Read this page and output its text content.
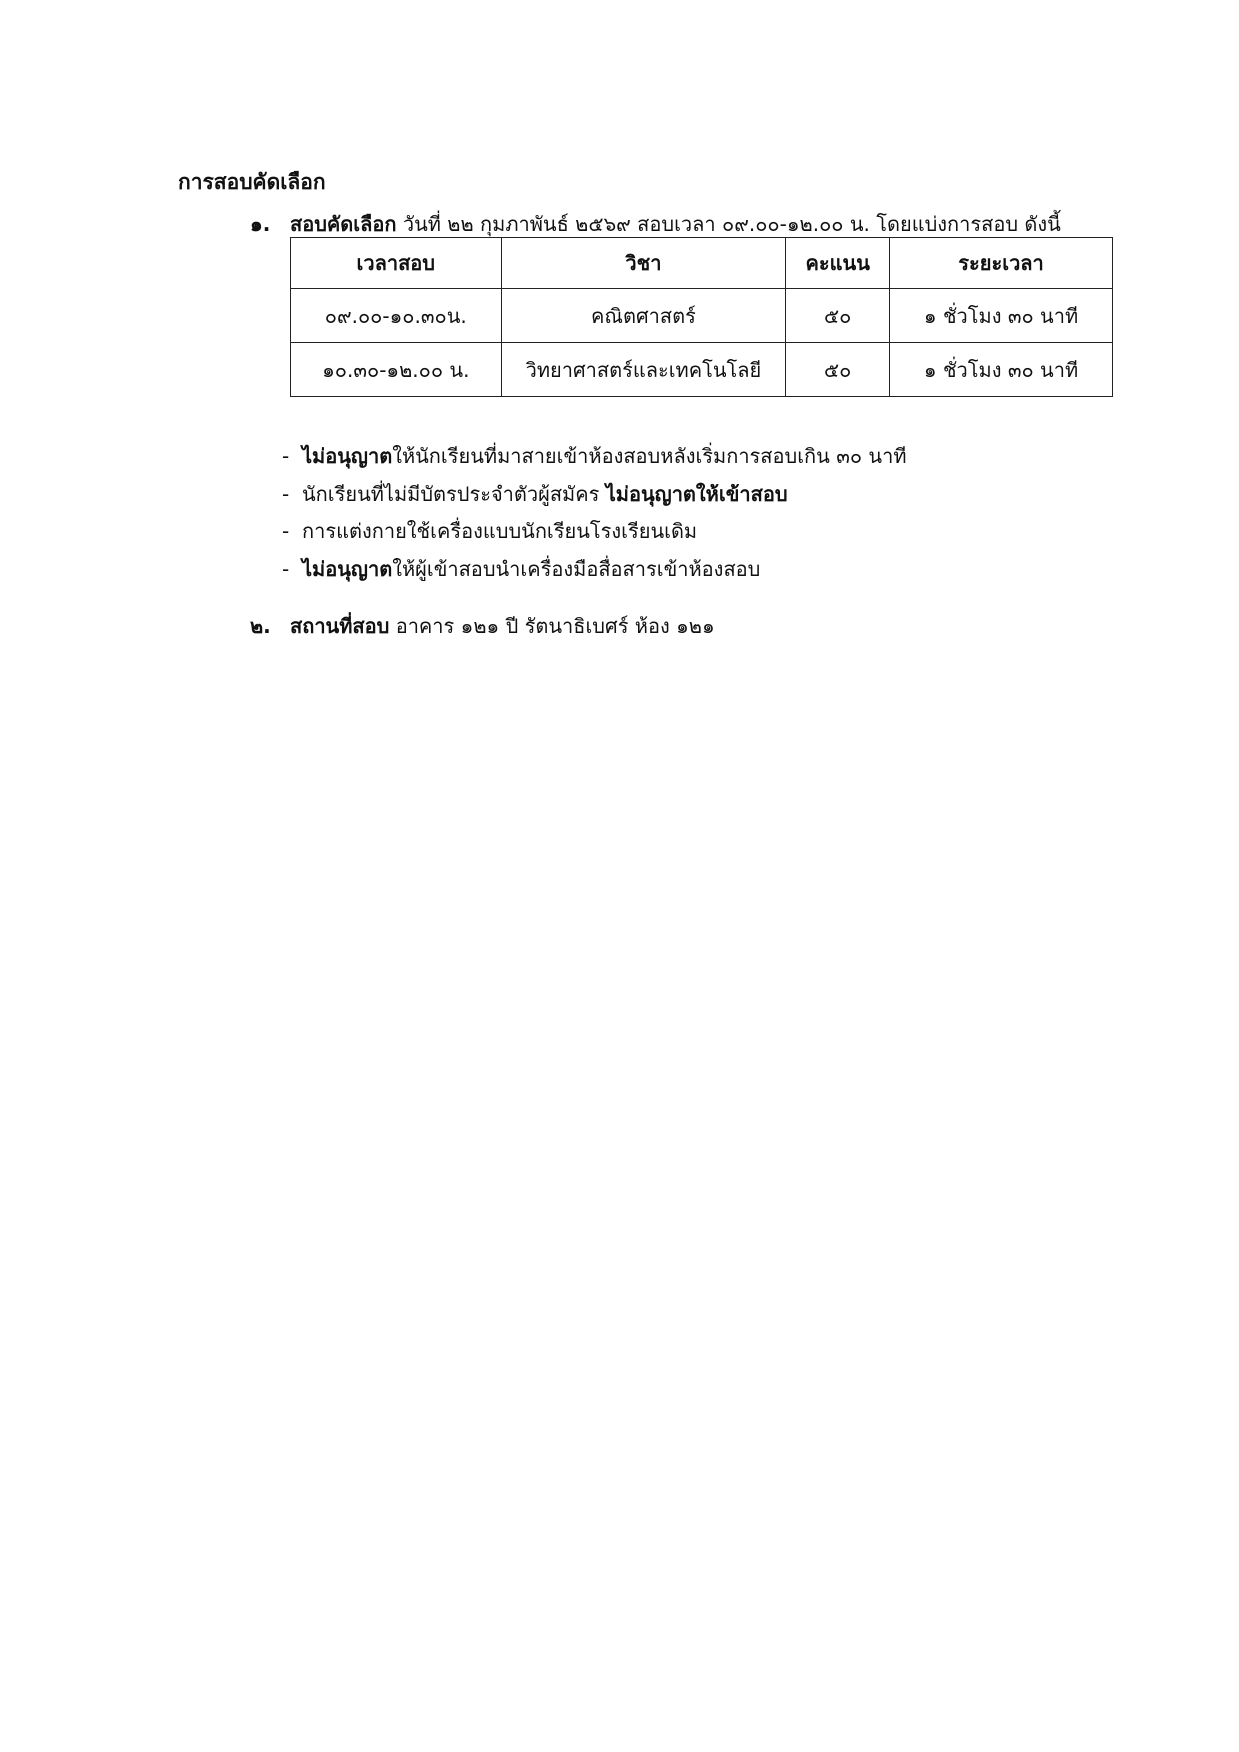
การสอบคัดเลือก
๑. สอบคัดเลือก วันที่ ๒๒ กุมภาพันธ์ ๒๕๖๙ สอบเวลา ๐๙.๐๐-๑๒.๐๐ น. โดยแบ่งการสอบ ดังนี้
เวลาสอบ	วิชา	คะแนน	ระยะเวลา
๐๙.๐๐-๑๐.๓๐น.	คณิตศาสตร์	๕๐	๑ ชั่วโมง ๓๐ นาที
๑๐.๓๐-๑๒.๐๐ น.	วิทยาศาสตร์และเทคโนโลยี	๕๐	๑ ชั่วโมง ๓๐ นาที
- ไม่อนุญาตให้นักเรียนที่มาสายเข้าห้องสอบหลังเริ่มการสอบเกิน ๓๐ นาที
- นักเรียนที่ไม่มีบัตรประจำตัวผู้สมัคร ไม่อนุญาตให้เข้าสอบ
- การแต่งกายใช้เครื่องแบบนักเรียนโรงเรียนเดิม
- ไม่อนุญาตให้ผู้เข้าสอบนำเครื่องมือสื่อสารเข้าห้องสอบ
๒. สถานที่สอบ อาคาร ๑๒๑ ปี รัตนาธิเบศร์ ห้อง ๑๒๑
